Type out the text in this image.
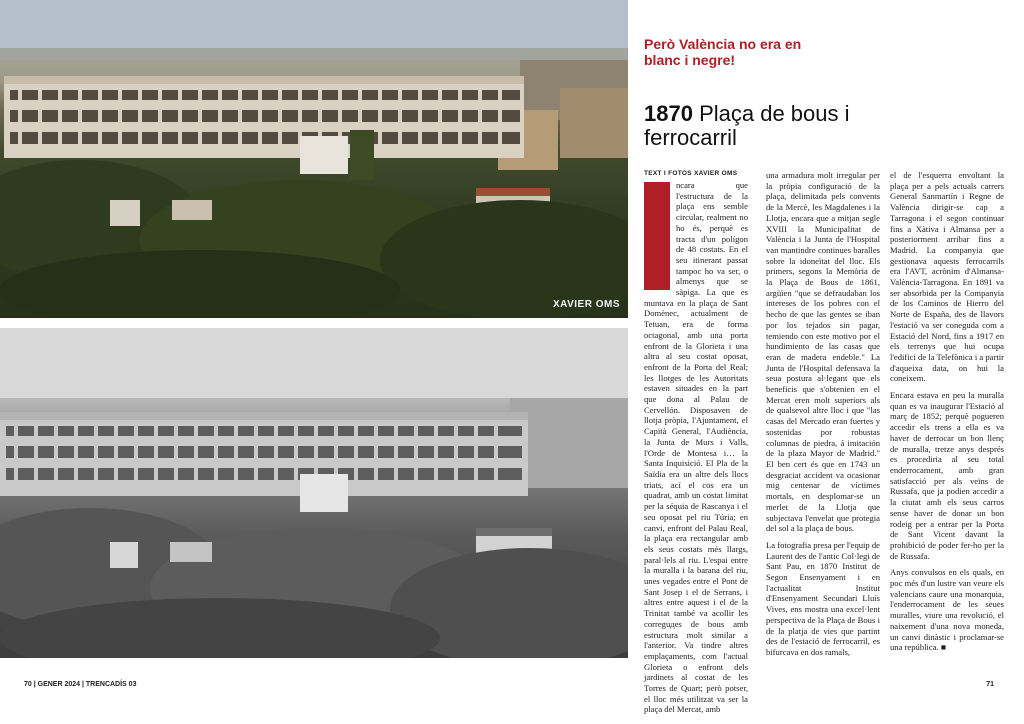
XAVIER OMS
Però València no era en blanc i negre!
1870 Plaça de bous i ferrocarril
TEXT I FOTOS XAVIER OMS

ncara que l'estructura de la plaça ens semble circular, realment no ho és, perquè es tracta d'un polígon de 48 costats. En el seu itinerant passat tampoc ho va ser, o almenys que se sàpiga. La que es muntava en la plaça de Sant Domènec, actualment de Tetuan, era de forma octagonal, amb una porta enfront de la Glorieta i una altra al seu costat oposat, enfront de la Porta del Real; les llotges de les Autoritats estaven situades en la part que dona al Palau de Cervellón. Disposaven de llotja pròpia, l'Ajuntament, el Capità General, l'Audiència, la Junta de Murs i Valls, l'Orde de Montesa i… la Santa Inquisició. El Pla de la Saïdia era un altre dels llocs triats, ací el cos era un quadrat, amb un costat limitat per la séquia de Rascanya i el seu oposat pel riu Túria; en canvi, enfront del Palau Real, la plaça era rectangular amb els seus costats més llargs, paral·lels al riu. L'espai entre la muralla i la barana del riu, unes vegades entre el Pont de Sant Josep i el de Serrans, i altres entre aquest i el de la Trinitat també va acollir les correguдes de bous amb estructura molt similar a l'anterior. Va tindre altres emplaçaments, com l'actual Glorieta o enfront dels jardinets al costat de les Torres de Quart; però potser, el lloc més utilitzat va ser la plaça del Mercat, amb

una armadura molt irregular per la pròpia configuració de la plaça, delimitada pels convents de la Mercè, les Magdalenes i la Llotja, encara que a mitjan segle XVIII la Municipalitat de València i la Junta de l'Hospital van mantindre continues baralles sobre la idoneïtat del lloc. Els primers, segons la Memòria de la Plaça de Bous de 1861, argüïen "que se defraudaban los intereses de los pobres con el hecho de que las gentes se iban por los tejados sin pagar, temiendo con este motivo por el hundimiento de las casas que eran de madera endeble." La Junta de l'Hospital defensava la seua postura al·legant que els beneficis que s'obtenien en el Mercat eren molt superiors als de qualsevol altre lloc i que "las casas del Mercado eran fuertes y sostenidas por robustas columnas de piedra, á imitación de la plaza Mayor de Madrid." El ben cert és que en 1743 un desgraciat accident va ocasionar mig centenar de víctimes mortals, en desplomar-se un merlet de la Llotja que subjectava l'envelat que protegia del sol a la plaça de bous.

La fotografia presa per l'equip de Laurent des de l'antic Col·legi de Sant Pau, en 1870 Institut de Segon Ensenyament i en l'actualitat Institut d'Ensenyament Secundari Lluís Vives, ens mostra una excel·lent perspectiva de la Plaça de Bous i de la platja de vies que partint des de l'estació de ferrocarril, es bifurcava en dos ramals,

el de l'esquerra envoltant la plaça per a pels actuals carrers General Sanmartín i Regne de València dirigir-se cap a Tarragona i el segon continuar fins a Xàtiva i Almansa per a posteriorment arribar fins a Madrid. La companyia que gestionava aquests ferrocarrils era l'AVT, acrònim d'Almansa-València-Tarragona. En 1891 va ser absorbida per la Companyia de los Caminos de Hierro del Norte de España, des de llavors l'estació va ser coneguda com a Estació del Nord, fins a 1917 en els terrenys que hui ocupa l'edifici de la Telefònica i a partir d'aqueixa data, on hui la coneixem.

Encara estava en peu la muralla quan es va inaugurar l'Estació al març de 1852; perquè pogueren accedir els trens a ella es va haver de derrocar un bon llenç de muralla, tretze anys després es procediria al seu total enderrocament, amb gran satisfacció per als veïns de Russafa, que ja podien accedir a la ciutat amb els seus carros sense haver de donar un bon rodeig per a entrar per la Porta de Sant Vicent davant la prohibició de poder fer-ho per la de Russafa.

Anys convulsos en els quals, en poc més d'un lustre van veure els valencians caure una monarquia, l'enderrocament de les seues muralles, viure una revolució, el naixement d'una nova moneda, un canvi dinàstic i proclamar-se una república. ■

70 | GENER 2024 | TRENCADÍS 03	71
